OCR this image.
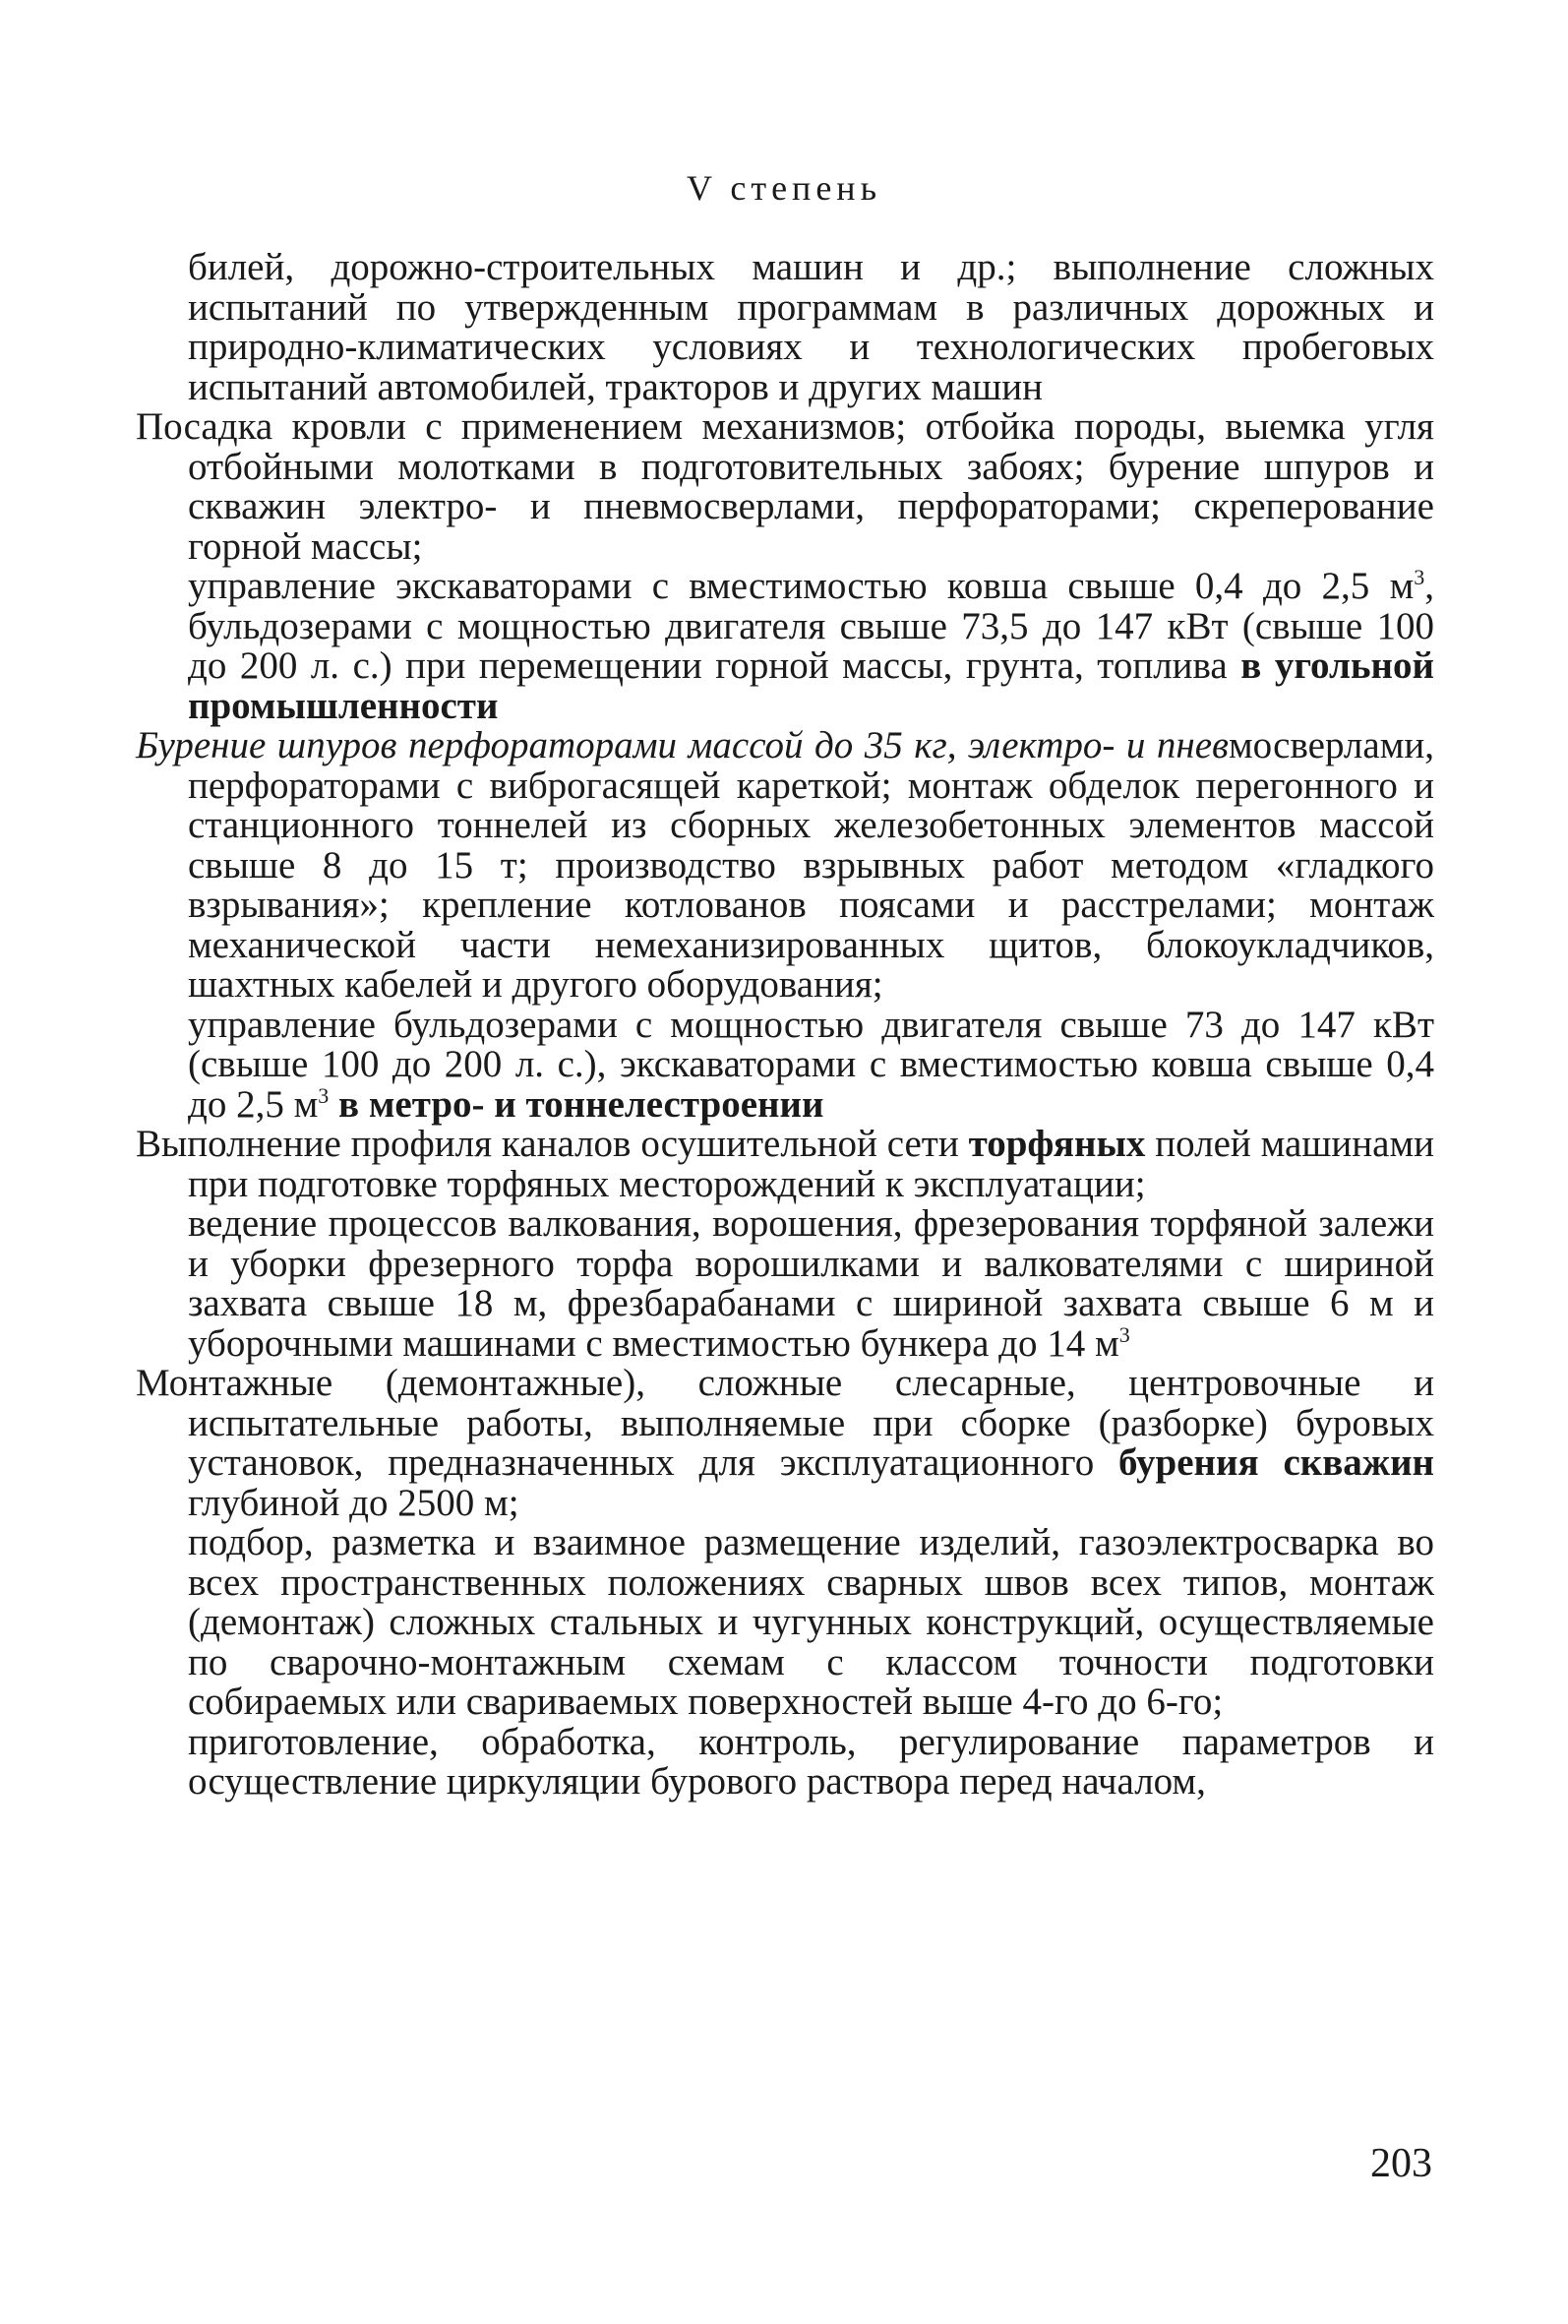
V степень

билей, дорожно-строительных машин и др.; выполнение сложных испытаний по утвержденным программам в различных дорожных и природно-климатических условиях и технологических пробеговых испытаний автомобилей, тракторов и других машин

Посадка кровли с применением механизмов; отбойка породы, выемка угля отбойными молотками в подготовительных забоях; бурение шпуров и скважин электро- и пневмосверлами, перфораторами; скреперование горной массы;

управление экскаваторами с вместимостью ковша свыше 0,4 до 2,5 $м^3$, бульдозерами с мощностью двигателя свыше 73,5 до 147 кВт (свыше 100 до 200 л. с.) при перемещении горной массы, грунта, топлива в угольной промышленности

Бурение шпуров перфораторами массой до 35 кг, электро- и пневмосверлами, перфораторами с виброгасящей кареткой; монтаж обделок перегонного и станционного тоннелей из сборных железобетонных элементов массой свыше 8 до 15 т; производство взрывных работ методом «гладкого взрывания»; крепление котлованов поясами и расстрелами; монтаж механической части немеханизированных щитов, блокоукладчиков, шахтных кабелей и другого оборудования;

управление бульдозерами с мощностью двигателя свыше 73 до 147 кВт (свыше 100 до 200 л. с.), экскаваторами с вместимостью ковша свыше 0,4 до 2,5 $м^3$ в метро- и тоннелестроении

Выполнение профиля каналов осушительной сети торфяных полей машинами при подготовке торфяных месторождений к эксплуатации;

ведение процессов валкования, ворошения, фрезерования торфяной залежи и уборки фрезерного торфа ворошилками и валкователями с шириной захвата свыше 18 м, фрезбарабанами с шириной захвата свыше 6 м и уборочными машинами с вместимостью бункера до 14 $м^3$

Монтажные (демонтажные), сложные слесарные, центровочные и испытательные работы, выполняемые при сборке (разборке) буровых установок, предназначенных для эксплуатационного бурения скважин глубиной до 2500 м;

подбор, разметка и взаимное размещение изделий, газоэлектросварка во всех пространственных положениях сварных швов всех типов, монтаж (демонтаж) сложных стальных и чугунных конструкций, осуществляемые по сварочно-монтажным схемам с классом точности подготовки собираемых или свариваемых поверхностей выше 4-го до 6-го;

приготовление, обработка, контроль, регулирование параметров и осуществление циркуляции бурового раствора перед началом,

203
